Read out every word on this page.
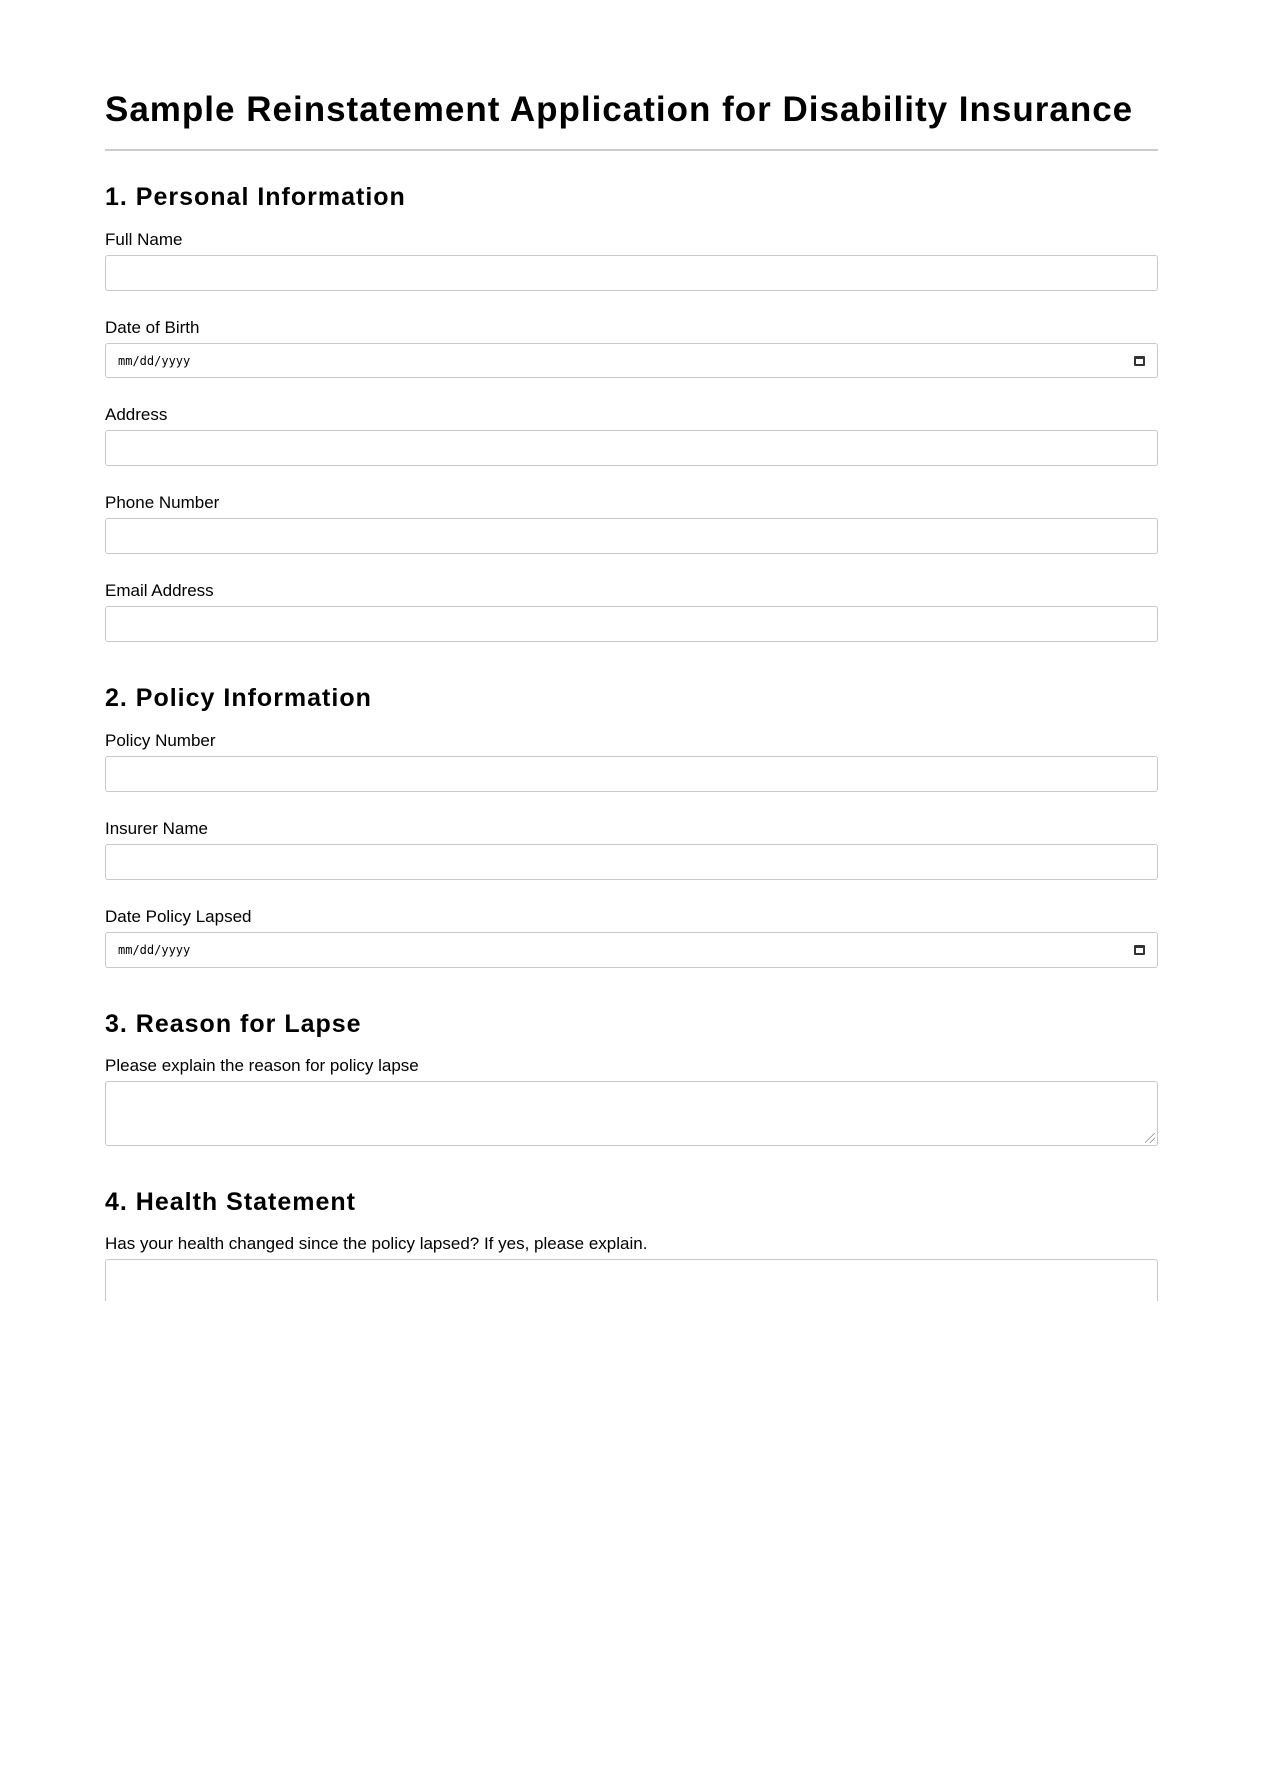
Sample Reinstatement Application for Disability Insurance
1. Personal Information
Full Name
Date of Birth
mm/dd/yyyy
Address
Phone Number
Email Address
2. Policy Information
Policy Number
Insurer Name
Date Policy Lapsed
mm/dd/yyyy
3. Reason for Lapse
Please explain the reason for policy lapse
4. Health Statement
Has your health changed since the policy lapsed? If yes, please explain.
